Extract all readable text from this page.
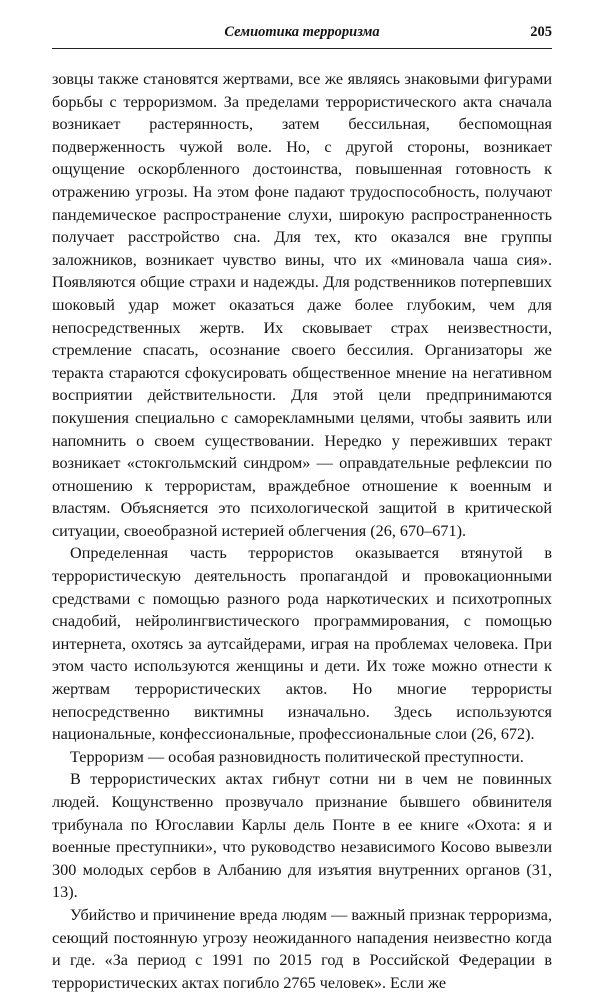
Семиотика терроризма	205

зовцы также становятся жертвами, все же являясь знаковыми фигурами борьбы с терроризмом. За пределами террористического акта сначала возникает растерянность, затем бессильная, беспомощная подверженность чужой воле. Но, с другой стороны, возникает ощущение оскорбленного достоинства, повышенная готовность к отражению угрозы. На этом фоне падают трудоспособность, получают пандемическое распространение слухи, широкую распространенность получает расстройство сна. Для тех, кто оказался вне группы заложников, возникает чувство вины, что их «миновала чаша сия». Появляются общие страхи и надежды. Для родственников потерпевших шоковый удар может оказаться даже более глубоким, чем для непосредственных жертв. Их сковывает страх неизвестности, стремление спасать, осознание своего бессилия. Организаторы же теракта стараются сфокусировать общественное мнение на негативном восприятии действительности. Для этой цели предпринимаются покушения специально с саморекламными целями, чтобы заявить или напомнить о своем существовании. Нередко у переживших теракт возникает «стокгольмский синдром» — оправдательные рефлексии по отношению к террористам, враждебное отношение к военным и властям. Объясняется это психологической защитой в критической ситуации, своеобразной истерией облегчения (26, 670–671).

Определенная часть террористов оказывается втянутой в террористическую деятельность пропагандой и провокационными средствами с помощью разного рода наркотических и психотропных снадобий, нейролингвистического программирования, с помощью интернета, охотясь за аутсайдерами, играя на проблемах человека. При этом часто используются женщины и дети. Их тоже можно отнести к жертвам террористических актов. Но многие террористы непосредственно виктимны изначально. Здесь используются национальные, конфессиональные, профессиональные слои (26, 672).

Терроризм — особая разновидность политической преступности.

В террористических актах гибнут сотни ни в чем не повинных людей. Кощунственно прозвучало признание бывшего обвинителя трибунала по Югославии Карлы дель Понте в ее книге «Охота: я и военные преступники», что руководство независимого Косово вывезли 300 молодых сербов в Албанию для изъятия внутренних органов (31, 13).

Убийство и причинение вреда людям — важный признак терроризма, сеющий постоянную угрозу неожиданного нападения неизвестно когда и где. «За период с 1991 по 2015 год в Российской Федерации в террористических актах погибло 2765 человек». Если же
